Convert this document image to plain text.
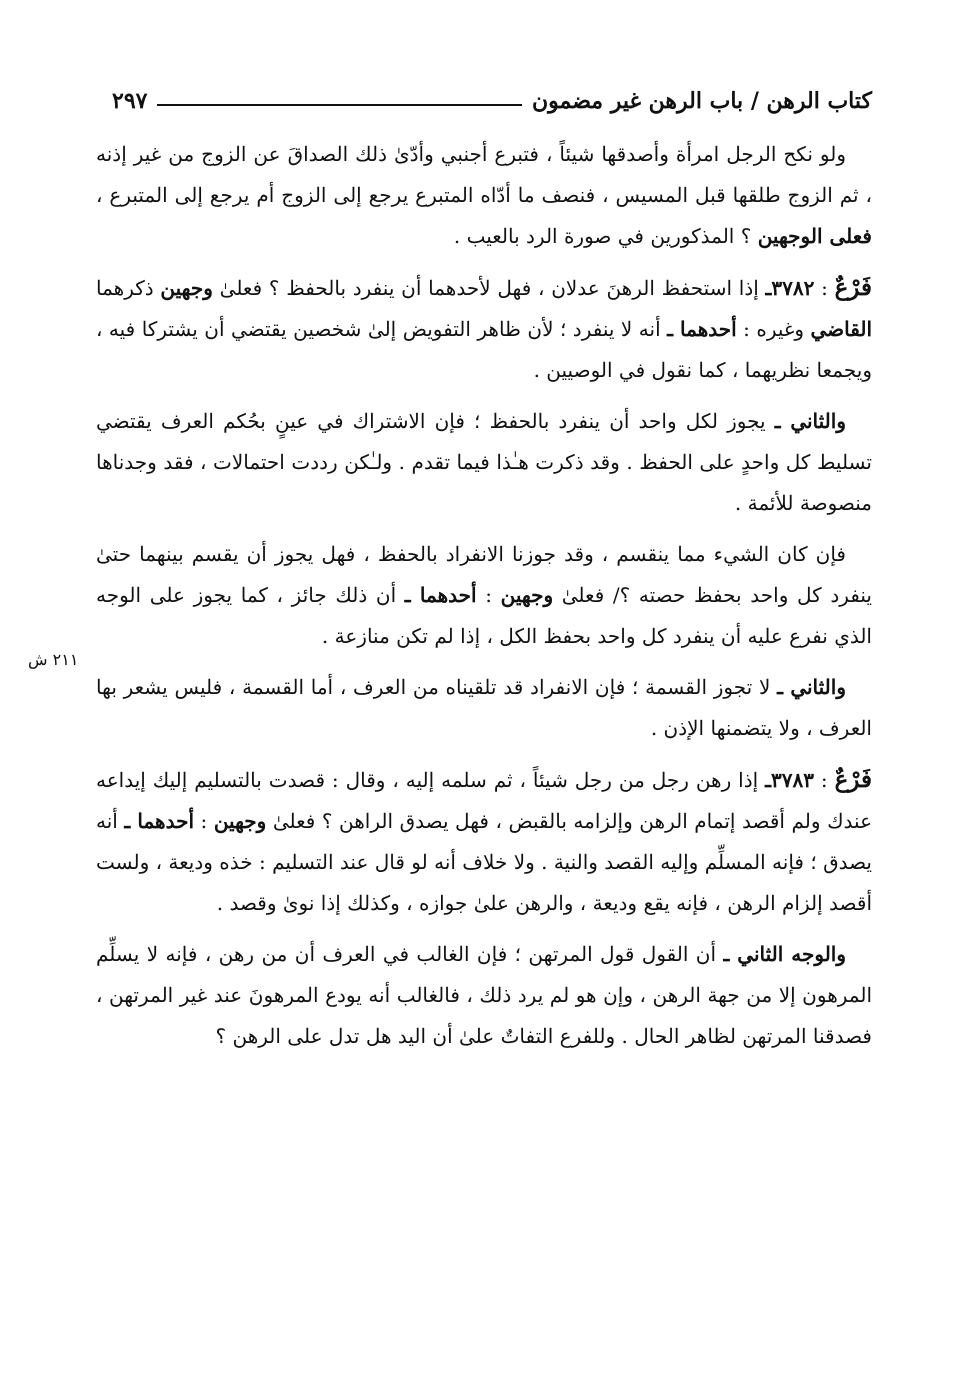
كتاب الرهن / باب الرهن غير مضمون
٢٩٧
٢١١ ش

ولو نكح الرجل امرأة وأصدقها شيئاً ، فتبرع أجنبي وأدّىٰ ذلك الصداقَ عن الزوج من غير إذنه ، ثم الزوج طلقها قبل المسيس ، فنصف ما أدّاه المتبرع يرجع إلى الزوج أم يرجع إلى المتبرع ، فعلى الوجهين ؟ المذكورين في صورة الرد بالعيب .

فَرْعٌ : ٣٧٨٢ـ إذا استحفظ الرهنَ عدلان ، فهل لأحدهما أن ينفرد بالحفظ ؟ فعلىٰ وجهين ذكرهما القاضي وغيره : أحدهما ـ أنه لا ينفرد ؛ لأن ظاهر التفويض إلىٰ شخصين يقتضي أن يشتركا فيه ، ويجمعا نظريهما ، كما نقول في الوصيين .

والثاني ـ يجوز لكل واحد أن ينفرد بالحفظ ؛ فإن الاشتراك في عينٍ بحُكم العرف يقتضي تسليط كل واحدٍ على الحفظ . وقد ذكرت هـٰذا فيما تقدم . ولـٰكن رددت احتمالات ، فقد وجدناها منصوصة للأئمة .

فإن كان الشيء مما ينقسم ، وقد جوزنا الانفراد بالحفظ ، فهل يجوز أن يقسم بينهما حتىٰ ينفرد كل واحد بحفظ حصته ؟/ فعلىٰ وجهين : أحدهما ـ أن ذلك جائز ، كما يجوز على الوجه الذي نفرع عليه أن ينفرد كل واحد بحفظ الكل ، إذا لم تكن منازعة .

والثاني ـ لا تجوز القسمة ؛ فإن الانفراد قد تلقيناه من العرف ، أما القسمة ، فليس يشعر بها العرف ، ولا يتضمنها الإذن .

فَرْعٌ : ٣٧٨٣ـ إذا رهن رجل من رجل شيئاً ، ثم سلمه إليه ، وقال : قصدت بالتسليم إليك إيداعه عندك ولم أقصد إتمام الرهن وإلزامه بالقبض ، فهل يصدق الراهن ؟ فعلىٰ وجهين : أحدهما ـ أنه يصدق ؛ فإنه المسلِّم وإليه القصد والنية . ولا خلاف أنه لو قال عند التسليم : خذه وديعة ، ولست أقصد إلزام الرهن ، فإنه يقع وديعة ، والرهن علىٰ جوازه ، وكذلك إذا نوىٰ وقصد .

والوجه الثاني ـ أن القول قول المرتهن ؛ فإن الغالب في العرف أن من رهن ، فإنه لا يسلِّم المرهون إلا من جهة الرهن ، وإن هو لم يرد ذلك ، فالغالب أنه يودع المرهونَ عند غير المرتهن ، فصدقنا المرتهن لظاهر الحال . وللفرع التفاتٌ علىٰ أن اليد هل تدل على الرهن ؟
